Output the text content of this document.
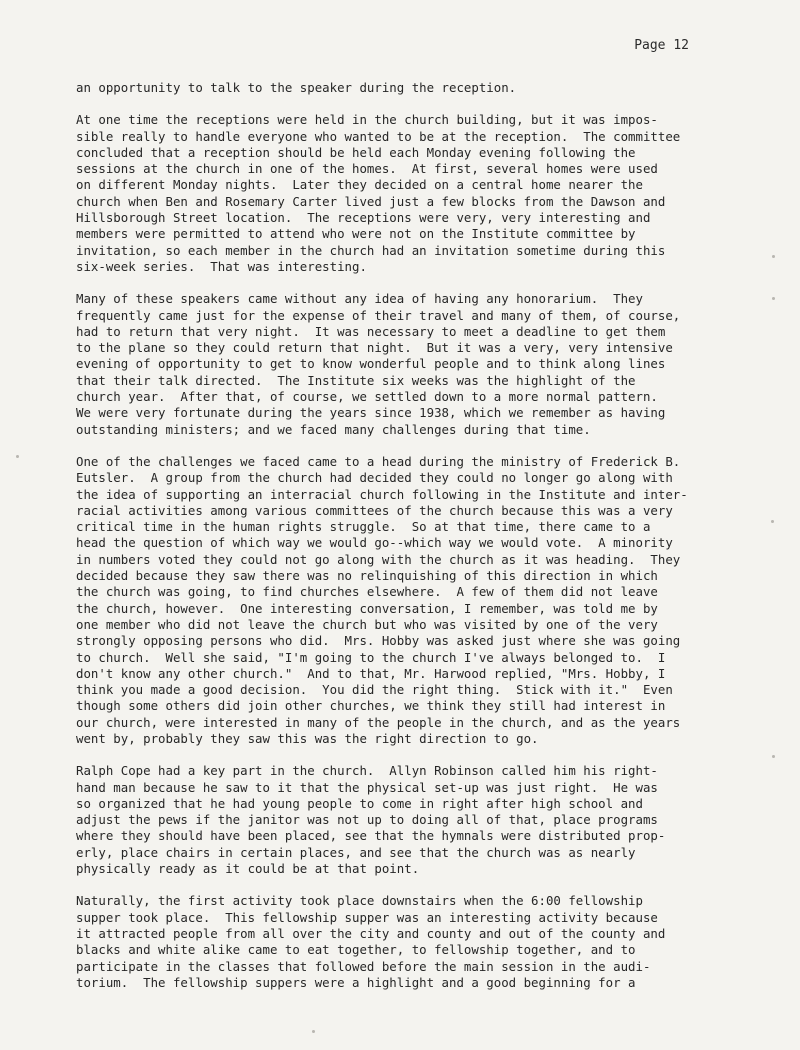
Page 12

an opportunity to talk to the speaker during the reception.

At one time the receptions were held in the church building, but it was impos-
sible really to handle everyone who wanted to be at the reception.  The committee
concluded that a reception should be held each Monday evening following the
sessions at the church in one of the homes.  At first, several homes were used
on different Monday nights.  Later they decided on a central home nearer the
church when Ben and Rosemary Carter lived just a few blocks from the Dawson and
Hillsborough Street location.  The receptions were very, very interesting and
members were permitted to attend who were not on the Institute committee by
invitation, so each member in the church had an invitation sometime during this
six-week series.  That was interesting.

Many of these speakers came without any idea of having any honorarium.  They
frequently came just for the expense of their travel and many of them, of course,
had to return that very night.  It was necessary to meet a deadline to get them
to the plane so they could return that night.  But it was a very, very intensive
evening of opportunity to get to know wonderful people and to think along lines
that their talk directed.  The Institute six weeks was the highlight of the
church year.  After that, of course, we settled down to a more normal pattern.
We were very fortunate during the years since 1938, which we remember as having
outstanding ministers; and we faced many challenges during that time.

One of the challenges we faced came to a head during the ministry of Frederick B.
Eutsler.  A group from the church had decided they could no longer go along with
the idea of supporting an interracial church following in the Institute and inter-
racial activities among various committees of the church because this was a very
critical time in the human rights struggle.  So at that time, there came to a
head the question of which way we would go--which way we would vote.  A minority
in numbers voted they could not go along with the church as it was heading.  They
decided because they saw there was no relinquishing of this direction in which
the church was going, to find churches elsewhere.  A few of them did not leave
the church, however.  One interesting conversation, I remember, was told me by
one member who did not leave the church but who was visited by one of the very
strongly opposing persons who did.  Mrs. Hobby was asked just where she was going
to church.  Well she said, "I'm going to the church I've always belonged to.  I
don't know any other church."  And to that, Mr. Harwood replied, "Mrs. Hobby, I
think you made a good decision.  You did the right thing.  Stick with it."  Even
though some others did join other churches, we think they still had interest in
our church, were interested in many of the people in the church, and as the years
went by, probably they saw this was the right direction to go.

Ralph Cope had a key part in the church.  Allyn Robinson called him his right-
hand man because he saw to it that the physical set-up was just right.  He was
so organized that he had young people to come in right after high school and
adjust the pews if the janitor was not up to doing all of that, place programs
where they should have been placed, see that the hymnals were distributed prop-
erly, place chairs in certain places, and see that the church was as nearly
physically ready as it could be at that point.

Naturally, the first activity took place downstairs when the 6:00 fellowship
supper took place.  This fellowship supper was an interesting activity because
it attracted people from all over the city and county and out of the county and
blacks and white alike came to eat together, to fellowship together, and to
participate in the classes that followed before the main session in the audi-
torium.  The fellowship suppers were a highlight and a good beginning for a
